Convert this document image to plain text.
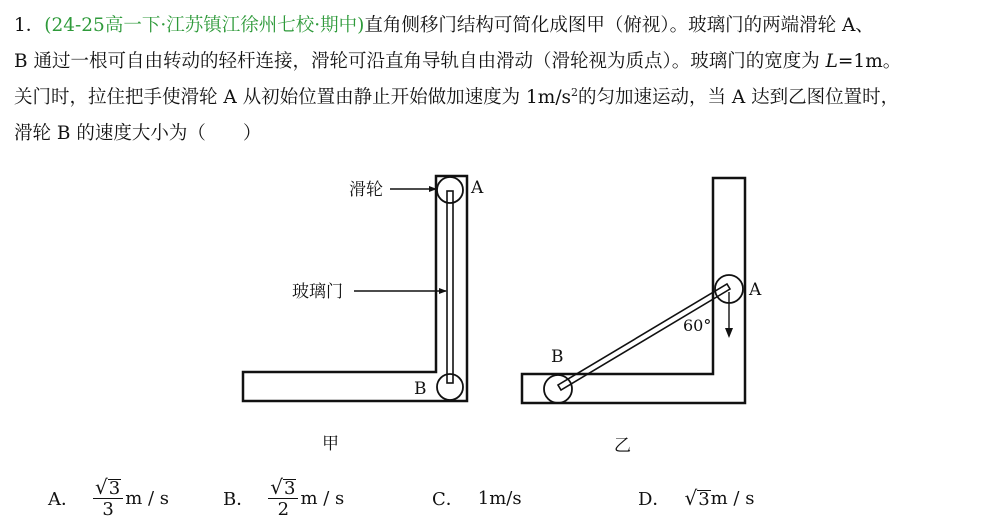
1．(24-25高一下·江苏镇江徐州七校·期中)直角侧移门结构可简化成图甲（俯视）。玻璃门的两端滑轮 A、
B 通过一根可自由转动的轻杆连接，滑轮可沿直角导轨自由滑动（滑轮视为质点）。玻璃门的宽度为 L=1m。
关门时，拉住把手使滑轮 A 从初始位置由静止开始做加速度为 $1m/s^2$的匀加速运动，当 A 达到乙图位置时，
滑轮 B 的速度大小为（　　）
滑轮
玻璃门
A
B
甲
A
B
60°
乙
A． $\frac{√ 3}{3}$ m / s	B． $\frac{√ 3}{2}$ m / s	C． 1m/s	D． √ 3 m / s
